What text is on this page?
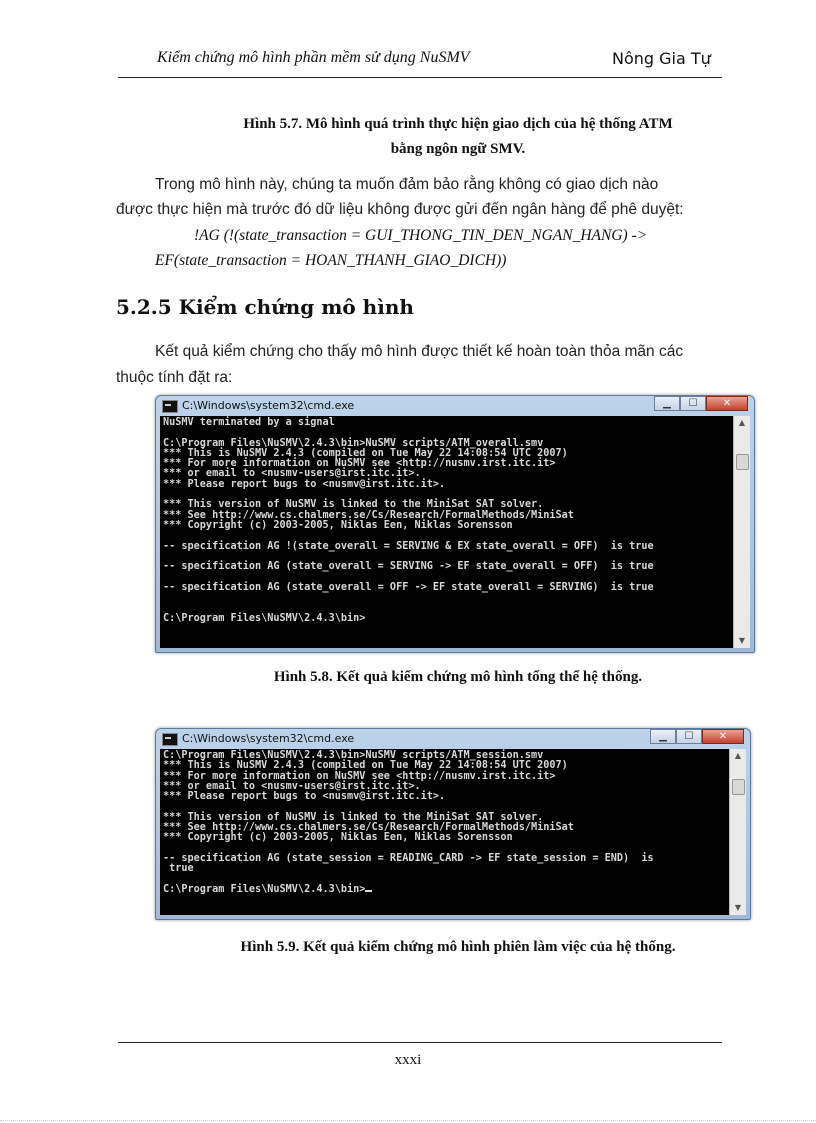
Kiểm chứng mô hình phần mềm sử dụng NuSMV	Nông Gia Tự
Hình 5.7. Mô hình quá trình thực hiện giao dịch của hệ thống ATM
bằng ngôn ngữ SMV.
Trong mô hình này, chúng ta muốn đảm bảo rằng không có giao dịch nào
được thực hiện mà trước đó dữ liệu không được gửi đến ngân hàng để phê duyệt:
!AG (!(state_transaction = GUI_THONG_TIN_DEN_NGAN_HANG) ->
EF(state_transaction = HOAN_THANH_GIAO_DICH))
5.2.5 Kiểm chứng mô hình
Kết quả kiểm chứng cho thấy mô hình được thiết kế hoàn toàn thỏa mãn các
thuộc tính đặt ra:
C:\Windows\system32\cmd.exe	▁ ☐	✕
NuSMV terminated by a signal

C:\Program Files\NuSMV\2.4.3\bin>NuSMV scripts/ATM_overall.smv
*** This is NuSMV 2.4.3 (compiled on Tue May 22 14:08:54 UTC 2007)
*** For more information on NuSMV see <http://nusmv.irst.itc.it>
*** or email to <nusmv-users@irst.itc.it>.
*** Please report bugs to <nusmv@irst.itc.it>.

*** This version of NuSMV is linked to the MiniSat SAT solver.
*** See http://www.cs.chalmers.se/Cs/Research/FormalMethods/MiniSat
*** Copyright (c) 2003-2005, Niklas Een, Niklas Sorensson

-- specification AG !(state_overall = SERVING & EX state_overall = OFF)  is true

-- specification AG (state_overall = SERVING -> EF state_overall = OFF)  is true

-- specification AG (state_overall = OFF -> EF state_overall = SERVING)  is true

C:\Program Files\NuSMV\2.4.3\bin>
▲
▼
Hình 5.8. Kết quả kiểm chứng mô hình tổng thể hệ thống.
C:\Windows\system32\cmd.exe	▁ ☐	✕
C:\Program Files\NuSMV\2.4.3\bin>NuSMV scripts/ATM_session.smv
*** This is NuSMV 2.4.3 (compiled on Tue May 22 14:08:54 UTC 2007)
*** For more information on NuSMV see <http://nusmv.irst.itc.it>
*** or email to <nusmv-users@irst.itc.it>.
*** Please report bugs to <nusmv@irst.itc.it>.

*** This version of NuSMV is linked to the MiniSat SAT solver.
*** See http://www.cs.chalmers.se/Cs/Research/FormalMethods/MiniSat
*** Copyright (c) 2003-2005, Niklas Een, Niklas Sorensson

-- specification AG (state_session = READING_CARD -> EF state_session = END)  is
true

C:\Program Files\NuSMV\2.4.3\bin>
▲
▼
Hình 5.9. Kết quả kiểm chứng mô hình phiên làm việc của hệ thống.
xxxi
